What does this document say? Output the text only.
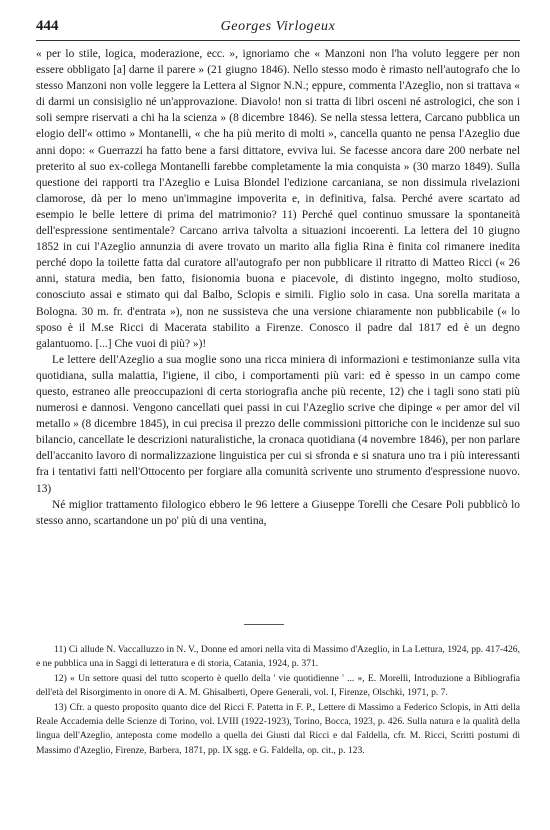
444	Georges Virlogeux

« per lo stile, logica, moderazione, ecc. », ignoriamo che « Manzoni non l'ha voluto leggere per non essere obbligato [a] darne il parere » (21 giugno 1846). Nello stesso modo è rimasto nell'autografo che lo stesso Manzoni non volle leggere la Lettera al Signor N.N.; eppure, commenta l'Azeglio, non si trattava « di darmi un consisiglio né un'approvazione. Diavolo! non si tratta di libri osceni né astrologici, che son i soli sempre riservati a chi ha la scienza » (8 dicembre 1846). Se nella stessa lettera, Carcano pubblica un elogio dell'« ottimo » Montanelli, « che ha più merito di molti », cancella quanto ne pensa l'Azeglio due anni dopo: « Guerrazzi ha fatto bene a farsi dittatore, evviva lui. Se facesse ancora dare 200 nerbate nel preterito al suo ex-collega Montanelli farebbe completamente la mia conquista » (30 marzo 1849). Sulla questione dei rapporti tra l'Azeglio e Luisa Blondel l'edizione carcaniana, se non dissimula rivelazioni clamorose, dà per lo meno un'immagine impoverita e, in definitiva, falsa. Perché avere scartato ad esempio le belle lettere di prima del matrimonio? 11) Perché quel continuo smussare la spontaneità dell'espressione sentimentale? Carcano arriva talvolta a situazioni incoerenti. La lettera del 10 giugno 1852 in cui l'Azeglio annunzia di avere trovato un marito alla figlia Rina è finita col rimanere inedita perché dopo la toilette fatta dal curatore all'autografo per non pubblicare il ritratto di Matteo Ricci (« 26 anni, statura media, ben fatto, fisionomia buona e piacevole, di distinto ingegno, molto studioso, conosciuto assai e stimato qui dal Balbo, Sclopis e simili. Figlio solo in casa. Una sorella maritata a Bologna. 30 m. fr. d'entrata »), non ne sussisteva che una versione chiaramente non pubblicabile (« lo sposo è il M.se Ricci di Macerata stabilito a Firenze. Conosco il padre dal 1817 ed è un degno galantuomo. [...] Che vuoi di più? »)!

Le lettere dell'Azeglio a sua moglie sono una ricca miniera di informazioni e testimonianze sulla vita quotidiana, sulla malattia, l'igiene, il cibo, i comportamenti più vari: ed è spesso in un campo come questo, estraneo alle preoccupazioni di certa storiografia anche più recente, 12) che i tagli sono stati più numerosi e dannosi. Vengono cancellati quei passi in cui l'Azeglio scrive che dipinge « per amor del vil metallo » (8 dicembre 1845), in cui precisa il prezzo delle commissioni pittoriche con le incidenze sul suo bilancio, cancellate le descrizioni naturalistiche, la cronaca quotidiana (4 novembre 1846), per non parlare dell'accanito lavoro di normalizzazione linguistica per cui si sfronda e si snatura uno tra i più interessanti fra i tentativi fatti nell'Ottocento per forgiare alla comunità scrivente uno strumento d'espressione nuovo. 13)

Né miglior trattamento filologico ebbero le 96 lettere a Giuseppe Torelli che Cesare Poli pubblicò lo stesso anno, scartandone un po' più di una ventina,

11) Ci allude N. Vaccalluzzo in N. V., Donne ed amori nella vita di Massimo d'Azeglio, in La Lettura, 1924, pp. 417-426, e ne pubblica una in Saggi di letteratura e di storia, Catania, 1924, p. 371.

12) « Un settore quasi del tutto scoperto è quello della ' vie quotidienne ' ... », E. Morelli, Introduzione a Bibliografia dell'età del Risorgimento in onore di A. M. Ghisalberti, Opere Generali, vol. I, Firenze, Olschki, 1971, p. 7.

13) Cfr. a questo proposito quanto dice del Ricci F. Patetta in F. P., Lettere di Massimo a Federico Sclopis, in Atti della Reale Accademia delle Scienze di Torino, vol. LVIII (1922-1923), Torino, Bocca, 1923, p. 426. Sulla natura e la qualità della lingua dell'Azeglio, anteposta come modello a quella dei Giusti dal Ricci e dal Faldella, cfr. M. Ricci, Scritti postumi di Massimo d'Azeglio, Firenze, Barbera, 1871, pp. IX sgg. e G. Faldella, op. cit., p. 123.
